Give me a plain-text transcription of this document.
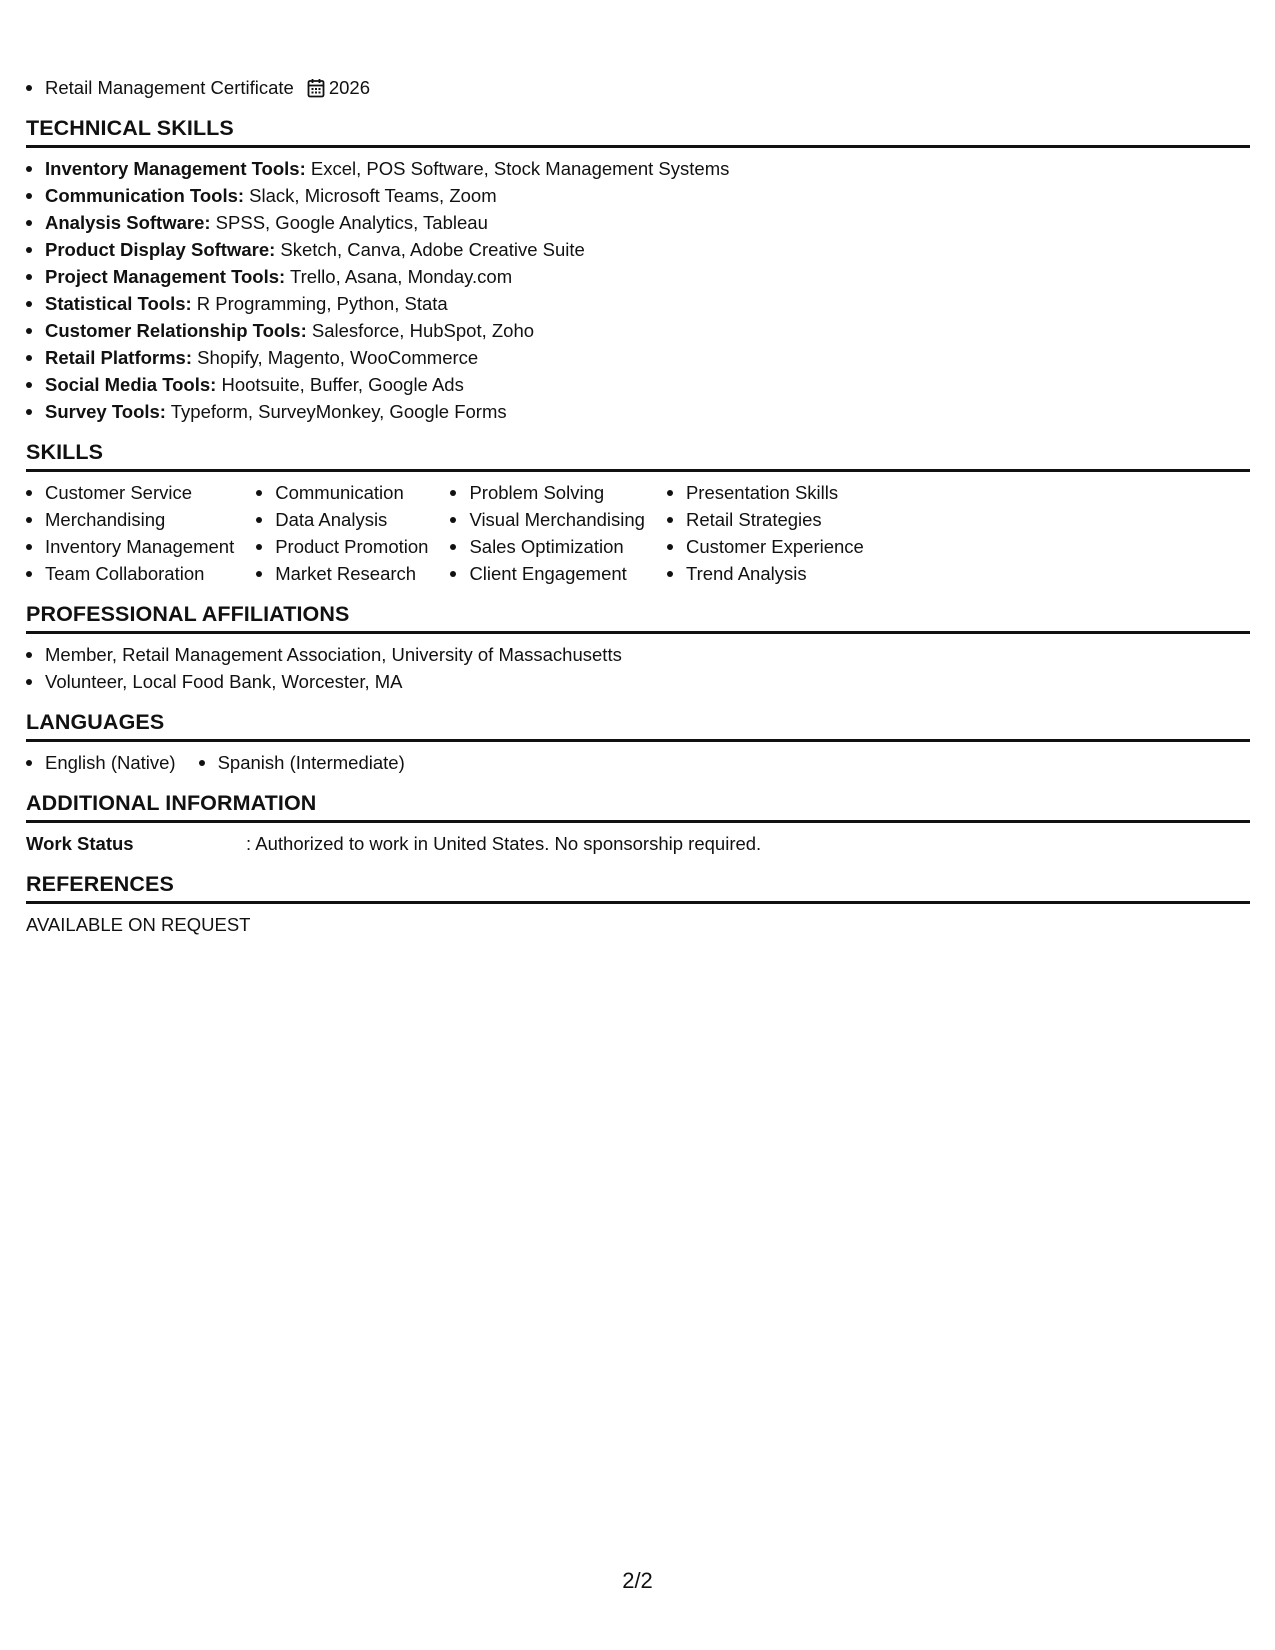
Retail Management Certificate 2026
TECHNICAL SKILLS
Inventory Management Tools: Excel, POS Software, Stock Management Systems
Communication Tools: Slack, Microsoft Teams, Zoom
Analysis Software: SPSS, Google Analytics, Tableau
Product Display Software: Sketch, Canva, Adobe Creative Suite
Project Management Tools: Trello, Asana, Monday.com
Statistical Tools: R Programming, Python, Stata
Customer Relationship Tools: Salesforce, HubSpot, Zoho
Retail Platforms: Shopify, Magento, WooCommerce
Social Media Tools: Hootsuite, Buffer, Google Ads
Survey Tools: Typeform, SurveyMonkey, Google Forms
SKILLS
Customer Service
Merchandising
Inventory Management
Team Collaboration
Communication
Data Analysis
Product Promotion
Market Research
Problem Solving
Visual Merchandising
Sales Optimization
Client Engagement
Presentation Skills
Retail Strategies
Customer Experience
Trend Analysis
PROFESSIONAL AFFILIATIONS
Member, Retail Management Association, University of Massachusetts
Volunteer, Local Food Bank, Worcester, MA
LANGUAGES
English (Native)	Spanish (Intermediate)
ADDITIONAL INFORMATION
Work Status	: Authorized to work in United States. No sponsorship required.
REFERENCES
AVAILABLE ON REQUEST
2/2
